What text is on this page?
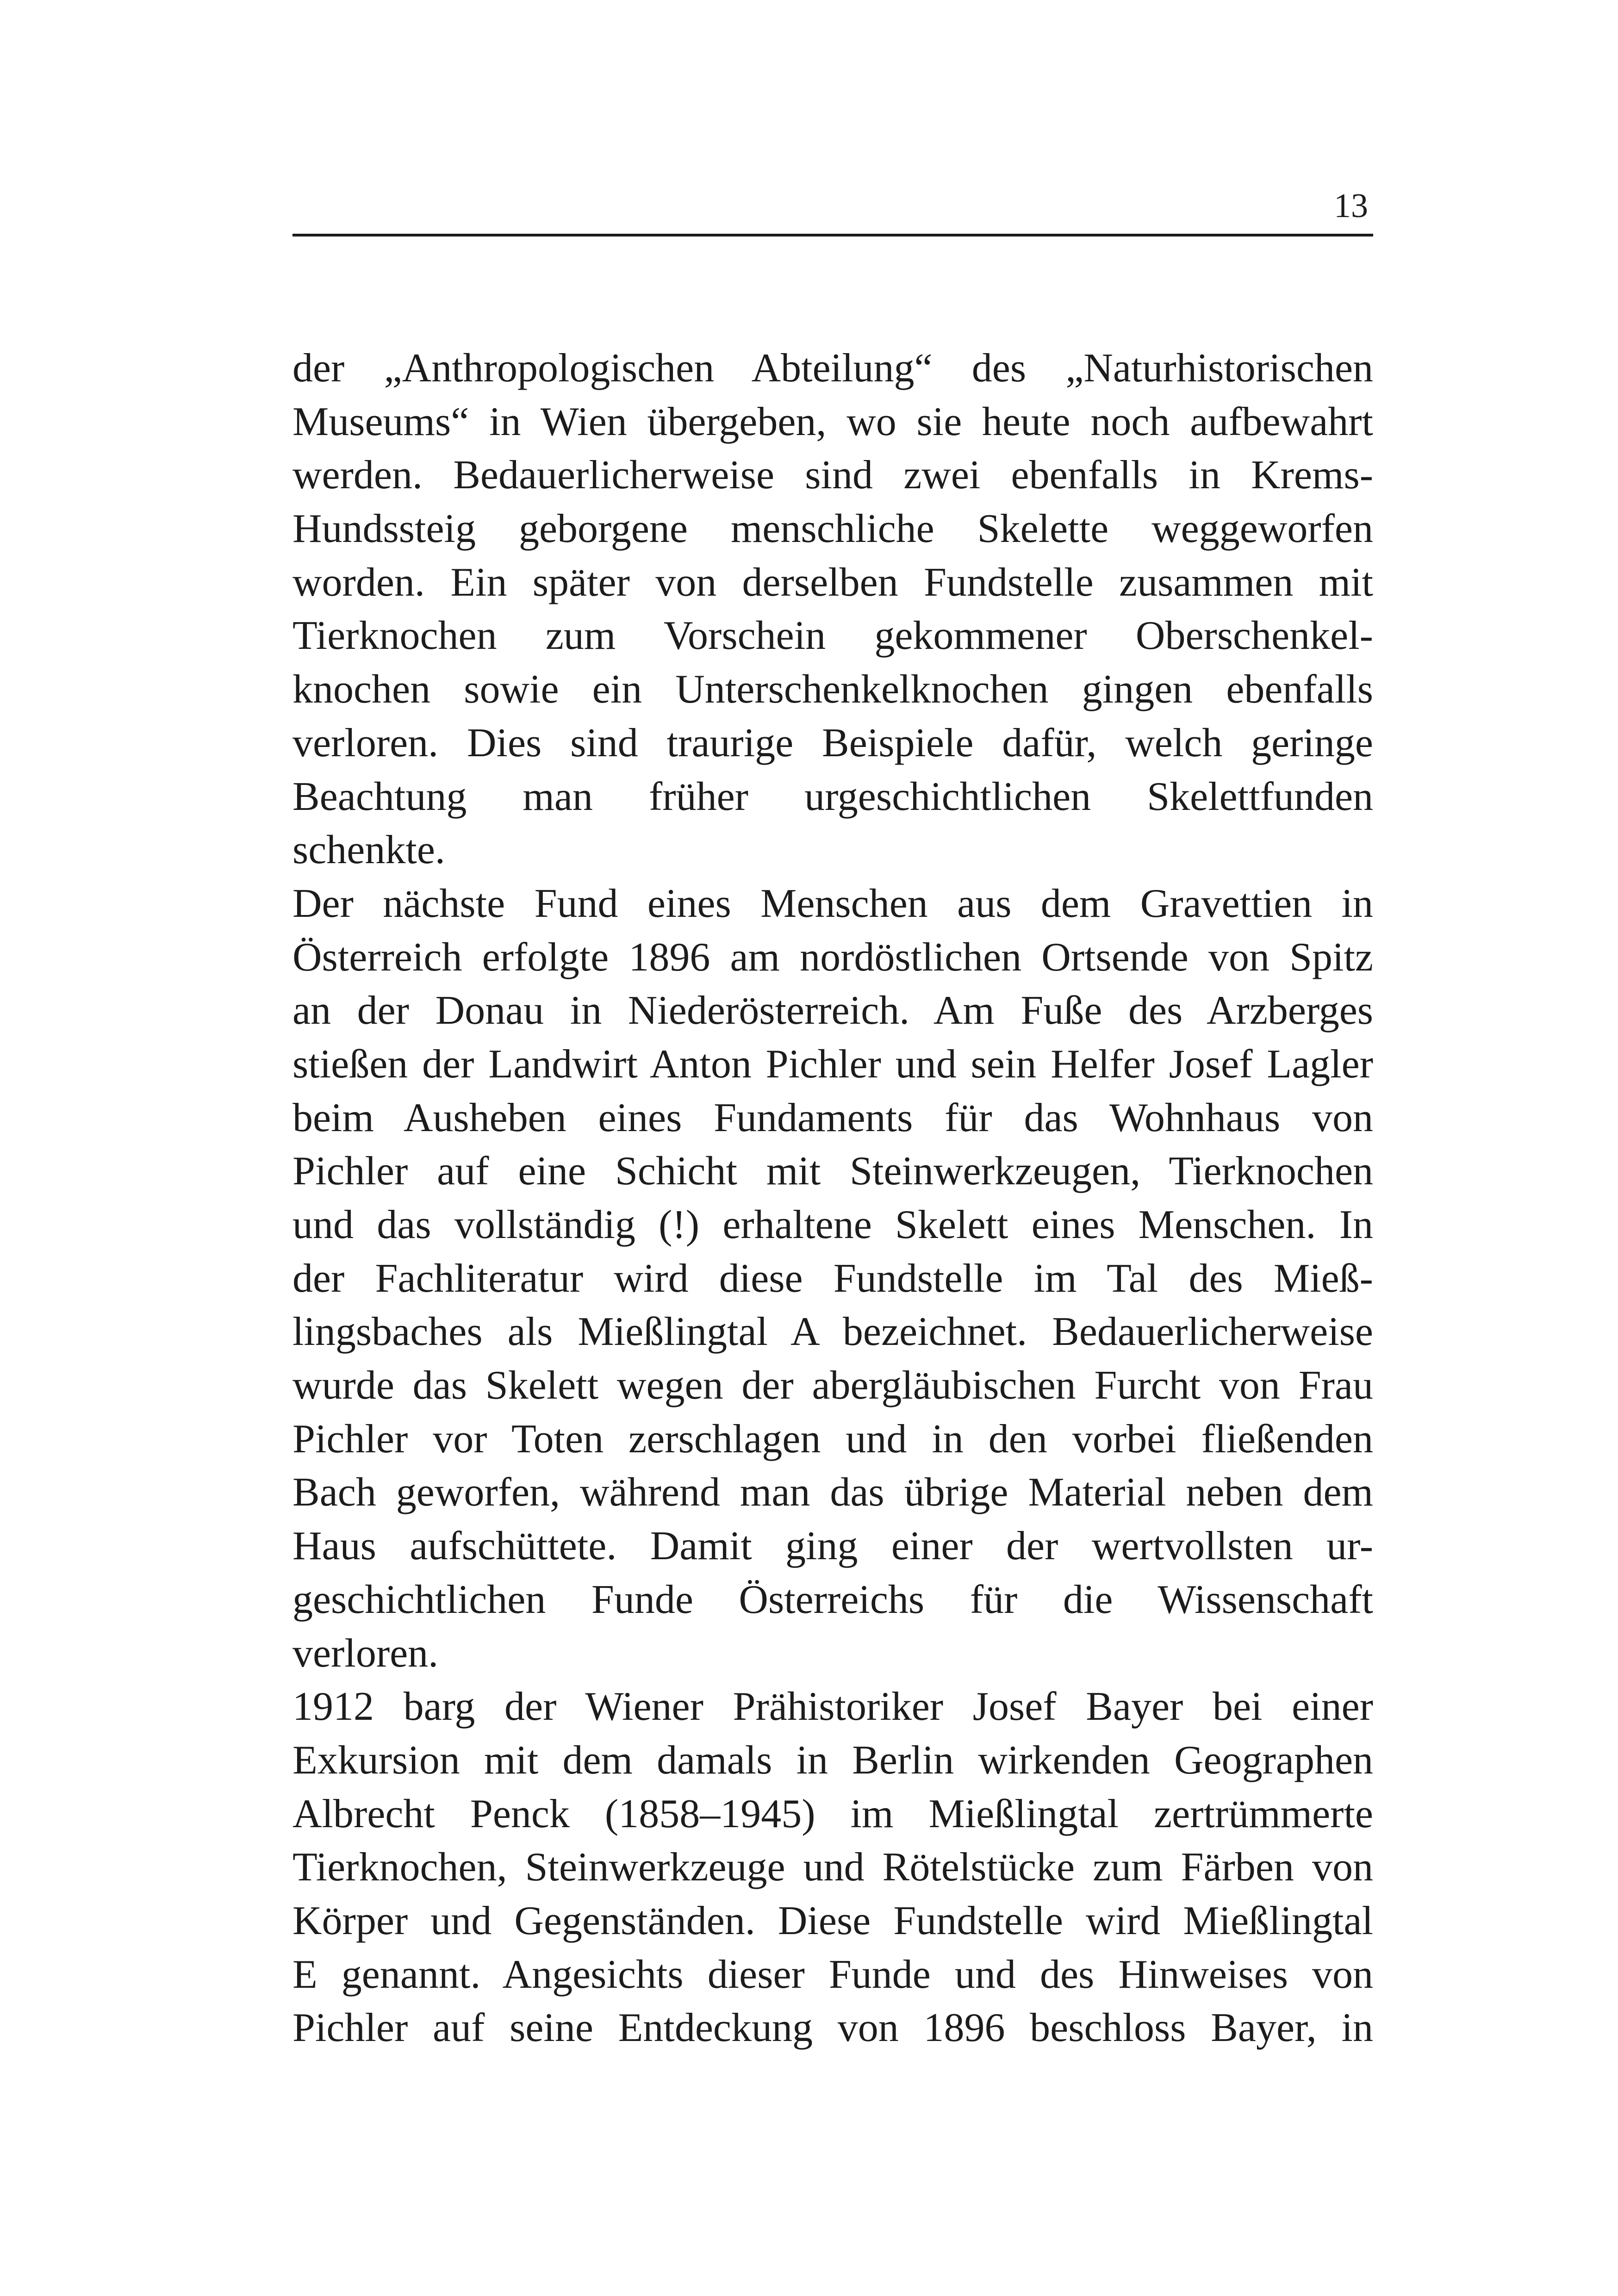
13
der „Anthropologischen Abteilung“ des „Naturhistorischen
Museums“ in Wien übergeben, wo sie heute noch aufbewahrt
werden. Bedauerlicherweise sind zwei ebenfalls in Krems-
Hundssteig geborgene menschliche Skelette weggeworfen
worden. Ein später von derselben Fundstelle zusammen mit
Tierknochen zum Vorschein gekommener Oberschenkel-
knochen sowie ein Unterschenkelknochen gingen ebenfalls
verloren. Dies sind traurige Beispiele dafür, welch geringe
Beachtung man früher urgeschichtlichen Skelettfunden
schenkte.
Der nächste Fund eines Menschen aus dem Gravettien in
Österreich erfolgte 1896 am nordöstlichen Ortsende von Spitz
an der Donau in Niederösterreich. Am Fuße des Arzberges
stießen der Landwirt Anton Pichler und sein Helfer Josef Lagler
beim Ausheben eines Fundaments für das Wohnhaus von
Pichler auf eine Schicht mit Steinwerkzeugen, Tierknochen
und das vollständig (!) erhaltene Skelett eines Menschen. In
der Fachliteratur wird diese Fundstelle im Tal des Mieß-
lingsbaches als Mießlingtal A bezeichnet. Bedauerlicherweise
wurde das Skelett wegen der abergläubischen Furcht von Frau
Pichler vor Toten zerschlagen und in den vorbei fließenden
Bach geworfen, während man das übrige Material neben dem
Haus aufschüttete. Damit ging einer der wertvollsten ur-
geschichtlichen Funde Österreichs für die Wissenschaft
verloren.
1912 barg der Wiener Prähistoriker Josef Bayer bei einer
Exkursion mit dem damals in Berlin wirkenden Geographen
Albrecht Penck (1858–1945) im Mießlingtal zertrümmerte
Tierknochen, Steinwerkzeuge und Rötelstücke zum Färben von
Körper und Gegenständen. Diese Fundstelle wird Mießlingtal
E genannt. Angesichts dieser Funde und des Hinweises von
Pichler auf seine Entdeckung von 1896 beschloss Bayer, in
